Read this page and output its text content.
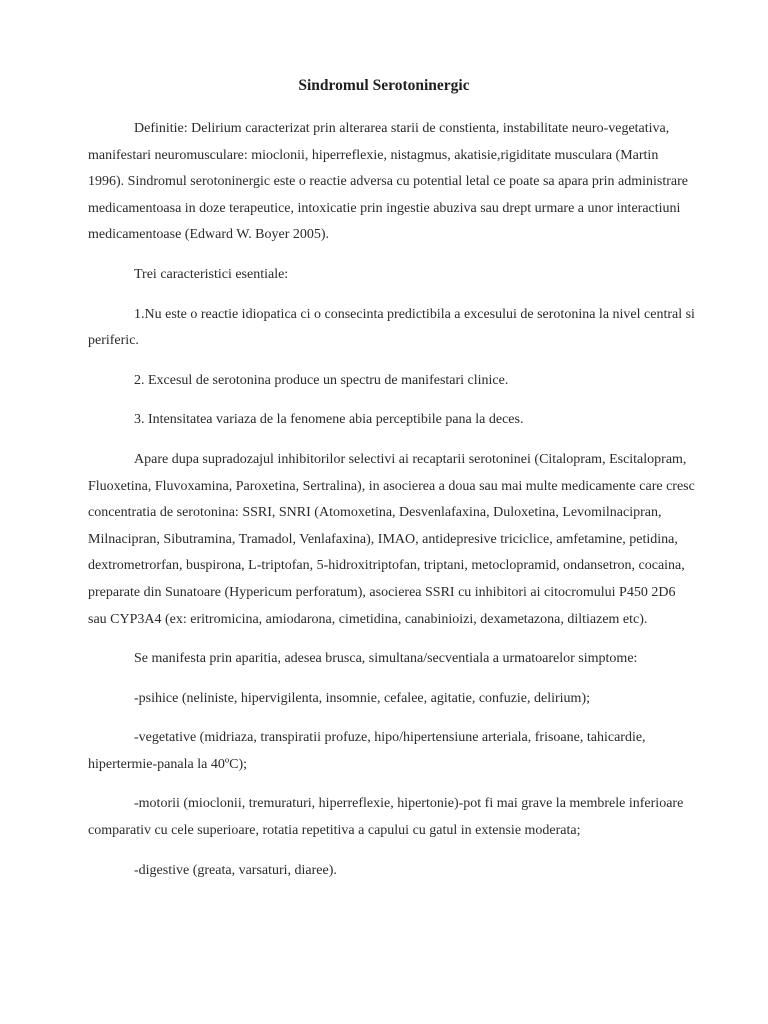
Sindromul Serotoninergic

Definitie: Delirium caracterizat prin alterarea starii de constienta, instabilitate neuro-vegetativa, manifestari neuromusculare: mioclonii, hiperreflexie, nistagmus, akatisie,rigiditate musculara (Martin 1996). Sindromul serotoninergic este o reactie adversa cu potential letal ce poate sa apara prin administrare medicamentoasa in doze terapeutice, intoxicatie prin ingestie abuziva sau drept urmare a unor interactiuni medicamentoase (Edward W. Boyer 2005).

Trei caracteristici esentiale:

1.Nu este o reactie idiopatica ci o consecinta predictibila a excesului de serotonina la nivel central si periferic.

2. Excesul de serotonina produce un spectru de manifestari clinice.

3. Intensitatea variaza de la fenomene abia perceptibile pana la deces.

Apare dupa supradozajul inhibitorilor selectivi ai recaptarii serotoninei (Citalopram, Escitalopram, Fluoxetina, Fluvoxamina, Paroxetina, Sertralina), in asocierea a doua sau mai multe medicamente care cresc concentratia de serotonina: SSRI, SNRI (Atomoxetina, Desvenlafaxina, Duloxetina, Levomilnacipran, Milnacipran, Sibutramina, Tramadol, Venlafaxina), IMAO, antidepresive triciclice, amfetamine, petidina, dextrometrorfan, buspirona, L-triptofan, 5-hidroxitriptofan, triptani, metoclopramid, ondansetron, cocaina, preparate din Sunatoare (Hypericum perforatum), asocierea SSRI cu inhibitori ai citocromului P450 2D6 sau CYP3A4 (ex: eritromicina, amiodarona, cimetidina, canabinioizi, dexametazona, diltiazem etc).

Se manifesta prin aparitia, adesea brusca, simultana/secventiala a urmatoarelor simptome:

-psihice (neliniste, hipervigilenta, insomnie, cefalee, agitatie, confuzie, delirium);

-vegetative (midriaza, transpiratii profuze, hipo/hipertensiune arteriala, frisoane, tahicardie, hipertermie-panala la 40ºC);

-motorii (mioclonii, tremuraturi, hiperreflexie, hipertonie)-pot fi mai grave la membrele inferioare comparativ cu cele superioare, rotatia repetitiva a capului cu gatul in extensie moderata;

-digestive (greata, varsaturi, diaree).
